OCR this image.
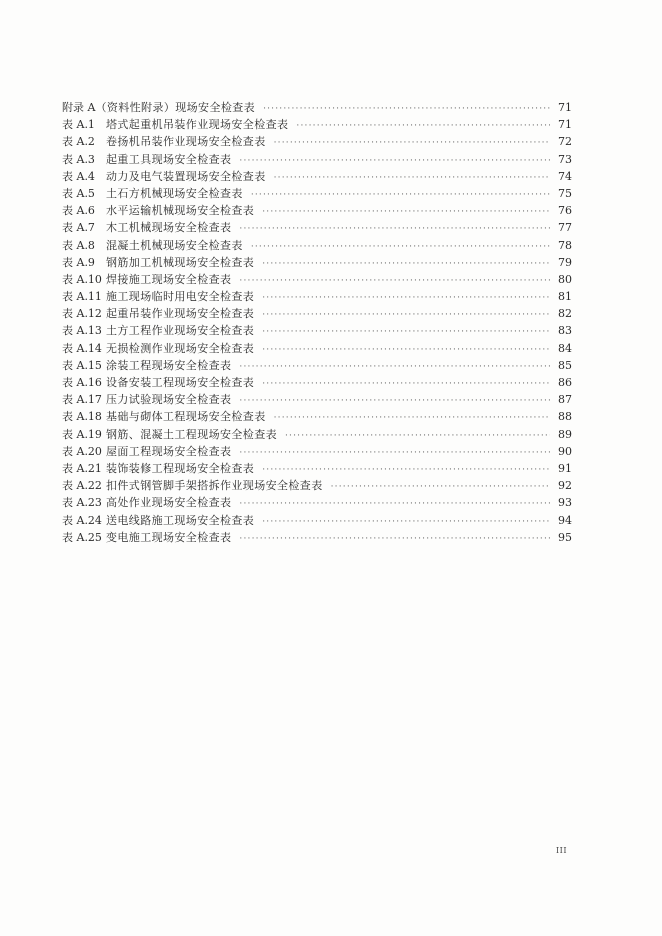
附录 A （资料性附录）现场安全检查表 ·····	71
表 A.1	塔式起重机吊装作业现场安全检查表 ·····	71
表 A.2	卷扬机吊装作业现场安全检查表 ·····	72
表 A.3	起重工具现场安全检查表 ·····	73
表 A.4	动力及电气装置现场安全检查表 ·····	74
表 A.5	土石方机械现场安全检查表 ·····	75
表 A.6	水平运输机械现场安全检查表 ·····	76
表 A.7	木工机械现场安全检查表 ·····	77
表 A.8	混凝土机械现场安全检查表 ·····	78
表 A.9	钢筋加工机械现场安全检查表 ·····	79
表 A.10 焊接施工现场安全检查表 ·····	80
表 A.11 施工现场临时用电安全检查表 ·····	81
表 A.12 起重吊装作业现场安全检查表 ·····	82
表 A.13 土方工程作业现场安全检查表 ·····	83
表 A.14 无损检测作业现场安全检查表 ·····	84
表 A.15 涂装工程现场安全检查表 ·····	85
表 A.16 设备安装工程现场安全检查表 ·····	86
表 A.17 压力试验现场安全检查表 ·····	87
表 A.18 基础与砌体工程现场安全检查表 ·····	88
表 A.19 钢筋、混凝土工程现场安全检查表 ·····	89
表 A.20 屋面工程现场安全检查表 ·····	90
表 A.21 装饰装修工程现场安全检查表 ·····	91
表 A.22 扣件式钢管脚手架搭拆作业现场安全检查表 ·····	92
表 A.23 高处作业现场安全检查表 ·····	93
表 A.24 送电线路施工现场安全检查表 ·····	94
表 A.25 变电施工现场安全检查表 ·····	95
III
